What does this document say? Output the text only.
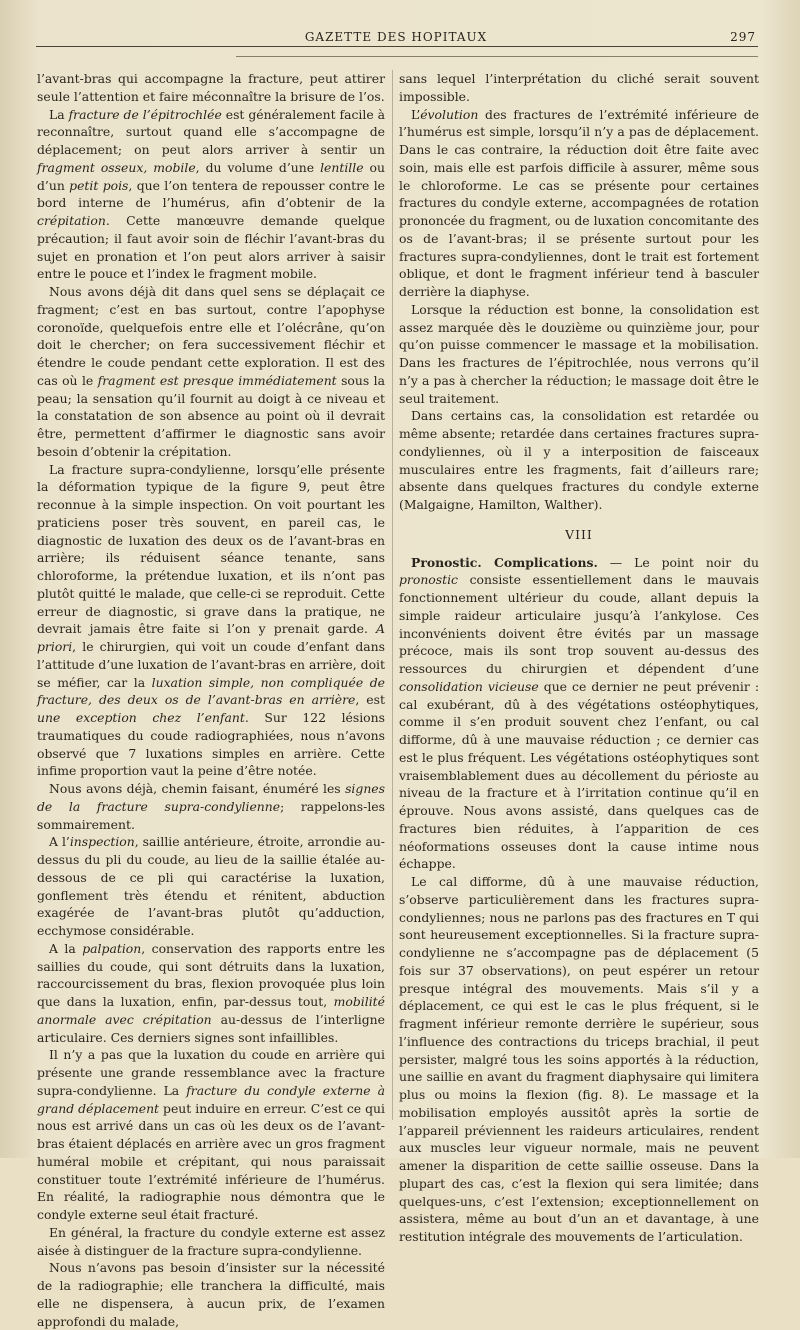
GAZETTE DES HOPITAUX	297

l’avant-bras qui accompagne la fracture, peut attirer seule l’attention et faire méconnaître la brisure de l’os.

La fracture de l’épitrochlée est généralement facile à reconnaître, surtout quand elle s’accompagne de déplacement; on peut alors arriver à sentir un fragment osseux, mobile, du volume d’une lentille ou d’un petit pois, que l’on tentera de repousser contre le bord interne de l’humérus, afin d’obtenir de la crépitation. Cette manœuvre demande quelque précaution; il faut avoir soin de fléchir l’avant-bras du sujet en pronation et l’on peut alors arriver à saisir entre le pouce et l’index le fragment mobile.

Nous avons déjà dit dans quel sens se déplaçait ce fragment; c’est en bas surtout, contre l’apophyse coronoïde, quelquefois entre elle et l’olécrâne, qu’on doit le chercher; on fera successivement fléchir et étendre le coude pendant cette exploration. Il est des cas où le fragment est presque immédiatement sous la peau; la sensation qu’il fournit au doigt à ce niveau et la constatation de son absence au point où il devrait être, permettent d’affirmer le diagnostic sans avoir besoin d’obtenir la crépitation.

La fracture supra-condylienne, lorsqu’elle présente la déformation typique de la figure 9, peut être reconnue à la simple inspection. On voit pourtant les praticiens poser très souvent, en pareil cas, le diagnostic de luxation des deux os de l’avant-bras en arrière; ils réduisent séance tenante, sans chloroforme, la prétendue luxation, et ils n’ont pas plutôt quitté le malade, que celle-ci se reproduit. Cette erreur de diagnostic, si grave dans la pratique, ne devrait jamais être faite si l’on y prenait garde. A priori, le chirurgien, qui voit un coude d’enfant dans l’attitude d’une luxation de l’avant-bras en arrière, doit se méfier, car la luxation simple, non compliquée de fracture, des deux os de l’avant-bras en arrière, est une exception chez l’enfant. Sur 122 lésions traumatiques du coude radiographiées, nous n’avons observé que 7 luxations simples en arrière. Cette infime proportion vaut la peine d’être notée.

Nous avons déjà, chemin faisant, énuméré les signes de la fracture supra-condylienne; rappelons-les sommairement.

A l’inspection, saillie antérieure, étroite, arrondie au-dessus du pli du coude, au lieu de la saillie étalée au-dessous de ce pli qui caractérise la luxation, gonflement très étendu et rénitent, abduction exagérée de l’avant-bras plutôt qu’adduction, ecchymose considérable.

A la palpation, conservation des rapports entre les saillies du coude, qui sont détruits dans la luxation, raccourcissement du bras, flexion provoquée plus loin que dans la luxation, enfin, par-dessus tout, mobilité anormale avec crépitation au-dessus de l’interligne articulaire. Ces derniers signes sont infaillibles.

Il n’y a pas que la luxation du coude en arrière qui présente une grande ressemblance avec la fracture supra-condylienne. La fracture du condyle externe à grand déplacement peut induire en erreur. C’est ce qui nous est arrivé dans un cas où les deux os de l’avant-bras étaient déplacés en arrière avec un gros fragment huméral mobile et crépitant, qui nous paraissait constituer toute l’extrémité inférieure de l’humérus. En réalité, la radiographie nous démontra que le condyle externe seul était fracturé.

En général, la fracture du condyle externe est assez aisée à distinguer de la fracture supra-condylienne.

Nous n’avons pas besoin d’insister sur la nécessité de la radiographie; elle tranchera la difficulté, mais elle ne dispensera, à aucun prix, de l’examen approfondi du malade,

sans lequel l’interprétation du cliché serait souvent impossible.

L’évolution des fractures de l’extrémité inférieure de l’humérus est simple, lorsqu’il n’y a pas de déplacement. Dans le cas contraire, la réduction doit être faite avec soin, mais elle est parfois difficile à assurer, même sous le chloroforme. Le cas se présente pour certaines fractures du condyle externe, accompagnées de rotation prononcée du fragment, ou de luxation concomitante des os de l’avant-bras; il se présente surtout pour les fractures supra-condyliennes, dont le trait est fortement oblique, et dont le fragment inférieur tend à basculer derrière la diaphyse.

Lorsque la réduction est bonne, la consolidation est assez marquée dès le douzième ou quinzième jour, pour qu’on puisse commencer le massage et la mobilisation. Dans les fractures de l’épitrochlée, nous verrons qu’il n’y a pas à chercher la réduction; le massage doit être le seul traitement.

Dans certains cas, la consolidation est retardée ou même absente; retardée dans certaines fractures supra-condyliennes, où il y a interposition de faisceaux musculaires entre les fragments, fait d’ailleurs rare; absente dans quelques fractures du condyle externe (Malgaigne, Hamilton, Walther).

VIII

Pronostic. Complications. — Le point noir du pronostic consiste essentiellement dans le mauvais fonctionnement ultérieur du coude, allant depuis la simple raideur articulaire jusqu’à l’ankylose. Ces inconvénients doivent être évités par un massage précoce, mais ils sont trop souvent au-dessus des ressources du chirurgien et dépendent d’une consolidation vicieuse que ce dernier ne peut prévenir : cal exubérant, dû à des végétations ostéophytiques, comme il s’en produit souvent chez l’enfant, ou cal difforme, dû à une mauvaise réduction ; ce dernier cas est le plus fréquent. Les végétations ostéophytiques sont vraisemblablement dues au décollement du périoste au niveau de la fracture et à l’irritation continue qu’il en éprouve. Nous avons assisté, dans quelques cas de fractures bien réduites, à l’apparition de ces néoformations osseuses dont la cause intime nous échappe.

Le cal difforme, dû à une mauvaise réduction, s’observe particulièrement dans les fractures supra-condyliennes; nous ne parlons pas des fractures en T qui sont heureusement exceptionnelles. Si la fracture supra-condylienne ne s’accompagne pas de déplacement (5 fois sur 37 observations), on peut espérer un retour presque intégral des mouvements. Mais s’il y a déplacement, ce qui est le cas le plus fréquent, si le fragment inférieur remonte derrière le supérieur, sous l’influence des contractions du triceps brachial, il peut persister, malgré tous les soins apportés à la réduction, une saillie en avant du fragment diaphysaire qui limitera plus ou moins la flexion (fig. 8). Le massage et la mobilisation employés aussitôt après la sortie de l’appareil préviennent les raideurs articulaires, rendent aux muscles leur vigueur normale, mais ne peuvent amener la disparition de cette saillie osseuse. Dans la plupart des cas, c’est la flexion qui sera limitée; dans quelques-uns, c’est l’extension; exceptionnellement on assistera, même au bout d’un an et davantage, à une restitution intégrale des mouvements de l’articulation.
